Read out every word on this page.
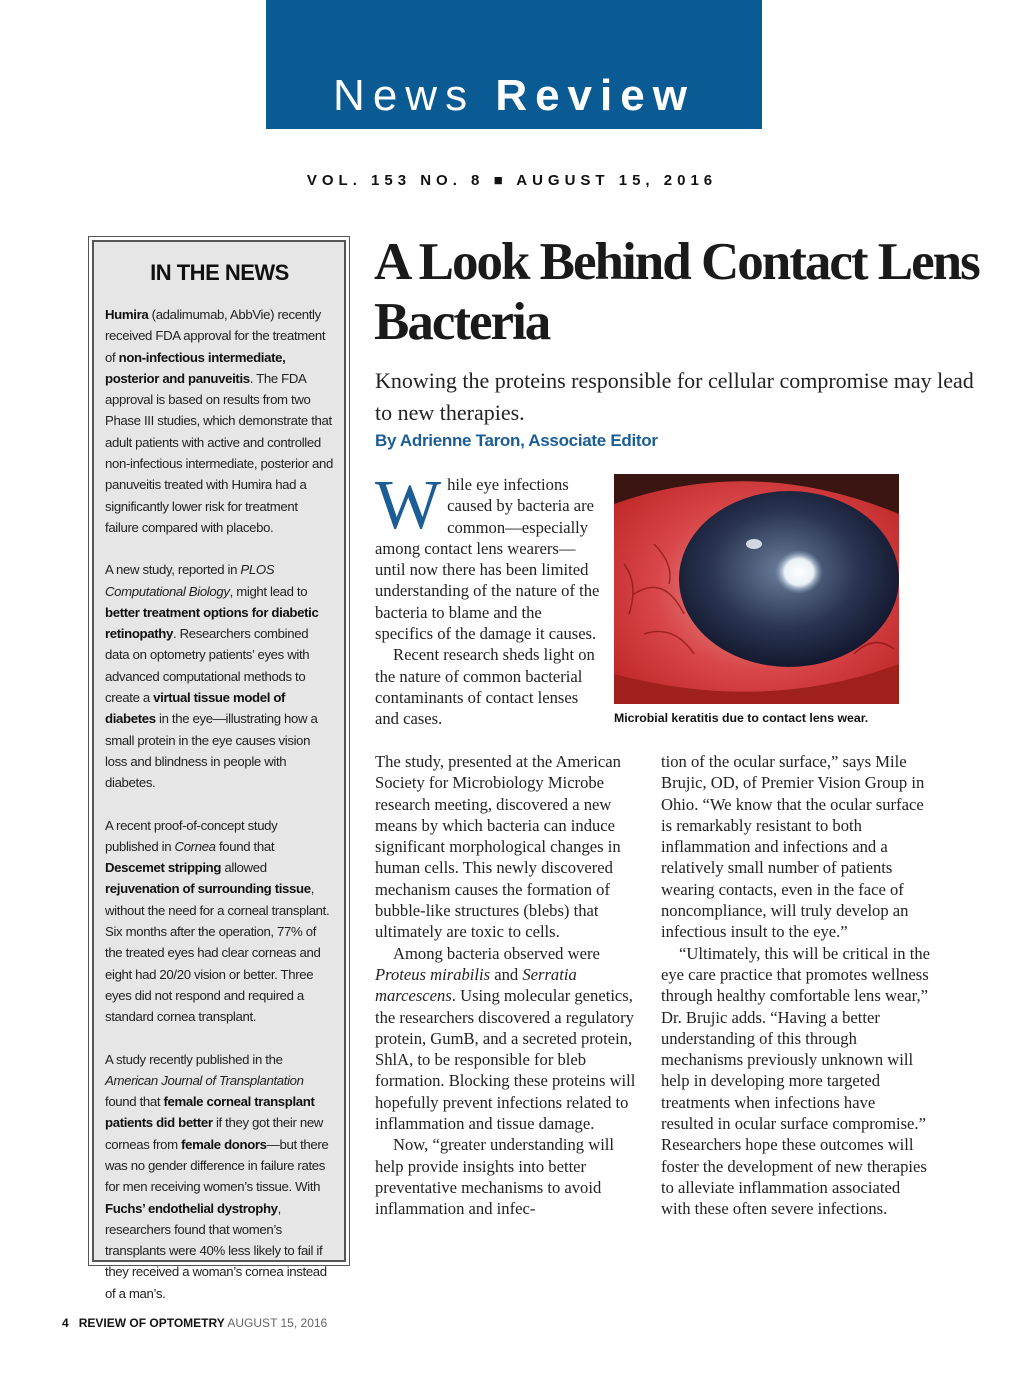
News Review
VOL. 153 NO. 8 ■ AUGUST 15, 2016
IN THE NEWS

Humira (adalimumab, AbbVie) recently received FDA approval for the treatment of non-infectious intermediate, posterior and panuveitis. The FDA approval is based on results from two Phase III studies, which demonstrate that adult patients with active and controlled non-infectious intermediate, posterior and panuveitis treated with Humira had a significantly lower risk for treatment failure compared with placebo.

A new study, reported in PLOS Computational Biology, might lead to better treatment options for diabetic retinopathy. Researchers combined data on optometry patients’ eyes with advanced computational methods to create a virtual tissue model of diabetes in the eye—illustrating how a small protein in the eye causes vision loss and blindness in people with diabetes.

A recent proof-of-concept study published in Cornea found that Descemet stripping allowed rejuvenation of surrounding tissue, without the need for a corneal transplant. Six months after the operation, 77% of the treated eyes had clear corneas and eight had 20/20 vision or better. Three eyes did not respond and required a standard cornea transplant.

A study recently published in the American Journal of Transplantation found that female corneal transplant patients did better if they got their new corneas from female donors—but there was no gender difference in failure rates for men receiving women’s tissue. With Fuchs’ endothelial dystrophy, researchers found that women’s transplants were 40% less likely to fail if they received a woman’s cornea instead of a man’s.

A Look Behind Contact Lens Bacteria
Knowing the proteins responsible for cellular compromise may lead to new therapies.
By Adrienne Taron, Associate Editor

While eye infections caused by bacteria are common—especially among contact lens wearers—until now there has been limited understanding of the nature of the bacteria to blame and the specifics of the damage it causes.

Recent research sheds light on the nature of common bacterial contaminants of contact lenses and cases.

The study, presented at the American Society for Microbiology Microbe research meeting, discovered a new means by which bacteria can induce significant morphological changes in human cells. This newly discovered mechanism causes the formation of bubble-like structures (blebs) that ultimately are toxic to cells.

Among bacteria observed were Proteus mirabilis and Serratia marcescens. Using molecular genetics, the researchers discovered a regulatory protein, GumB, and a secreted protein, ShlA, to be responsible for bleb formation. Blocking these proteins will hopefully prevent infections related to inflammation and tissue damage.

Now, “greater understanding will help provide insights into better preventative mechanisms to avoid inflammation and infec-

tion of the ocular surface,” says Mile Brujic, OD, of Premier Vision Group in Ohio. “We know that the ocular surface is remarkably resistant to both inflammation and infections and a relatively small number of patients wearing contacts, even in the face of noncompliance, will truly develop an infectious insult to the eye.”

“Ultimately, this will be critical in the eye care practice that promotes wellness through healthy comfortable lens wear,” Dr. Brujic adds. “Having a better understanding of this through mechanisms previously unknown will help in developing more targeted treatments when infections have resulted in ocular surface compromise.” Researchers hope these outcomes will foster the development of new therapies to alleviate inflammation associated with these often severe infections.

Microbial keratitis due to contact lens wear.
4 REVIEW OF OPTOMETRY AUGUST 15, 2016
